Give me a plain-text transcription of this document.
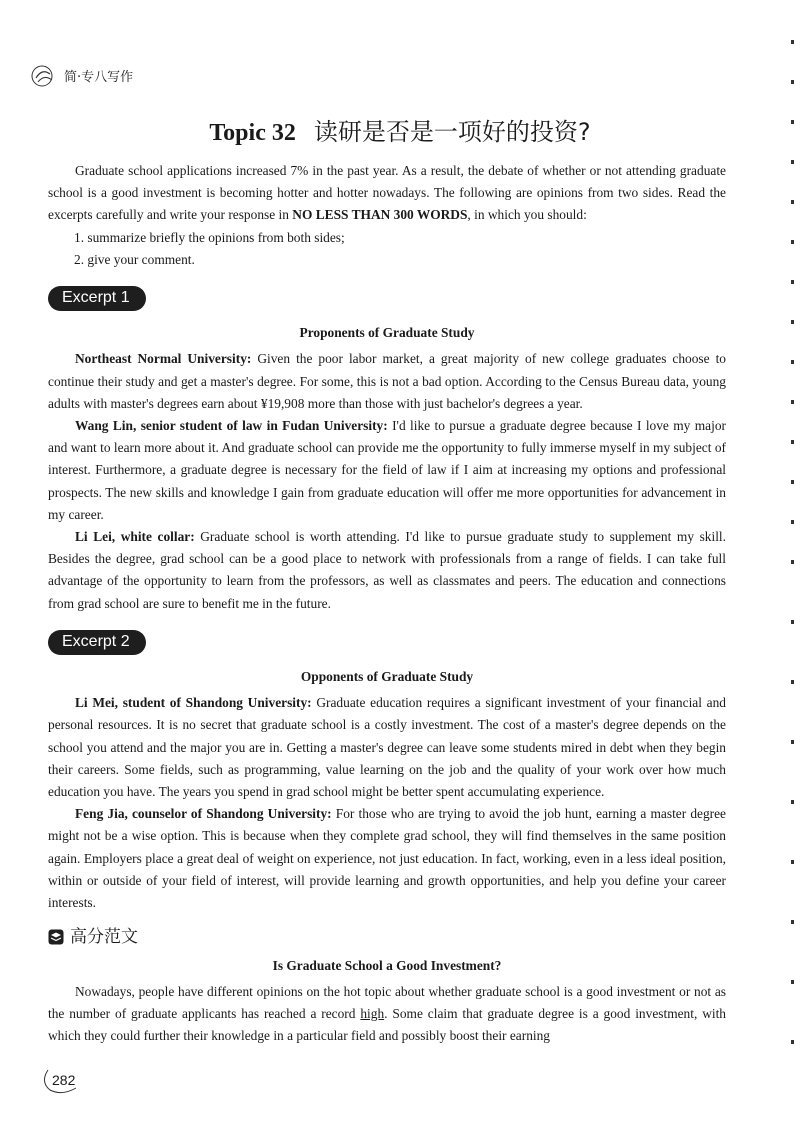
简·专八写作
Topic 32 读研是否是一项好的投资?

Graduate school applications increased 7% in the past year. As a result, the debate of whether or not attending graduate school is a good investment is becoming hotter and hotter nowadays. The following are opinions from two sides. Read the excerpts carefully and write your response in NO LESS THAN 300 WORDS, in which you should:

1. summarize briefly the opinions from both sides;
2. give your comment.
Excerpt 1
Proponents of Graduate Study

Northeast Normal University: Given the poor labor market, a great majority of new college graduates choose to continue their study and get a master's degree. For some, this is not a bad option. According to the Census Bureau data, young adults with master's degrees earn about ¥19,908 more than those with just bachelor's degrees a year.

Wang Lin, senior student of law in Fudan University: I'd like to pursue a graduate degree because I love my major and want to learn more about it. And graduate school can provide me the opportunity to fully immerse myself in my subject of interest. Furthermore, a graduate degree is necessary for the field of law if I aim at increasing my options and professional prospects. The new skills and knowledge I gain from graduate education will offer me more opportunities for advancement in my career.

Li Lei, white collar: Graduate school is worth attending. I'd like to pursue graduate study to supplement my skill. Besides the degree, grad school can be a good place to network with professionals from a range of fields. I can take full advantage of the opportunity to learn from the professors, as well as classmates and peers. The education and connections from grad school are sure to benefit me in the future.

Excerpt 2
Opponents of Graduate Study

Li Mei, student of Shandong University: Graduate education requires a significant investment of your financial and personal resources. It is no secret that graduate school is a costly investment. The cost of a master's degree depends on the school you attend and the major you are in. Getting a master's degree can leave some students mired in debt when they begin their careers. Some fields, such as programming, value learning on the job and the quality of your work over how much education you have. The years you spend in grad school might be better spent accumulating experience.

Feng Jia, counselor of Shandong University: For those who are trying to avoid the job hunt, earning a master degree might not be a wise option. This is because when they complete grad school, they will find themselves in the same position again. Employers place a great deal of weight on experience, not just education. In fact, working, even in a less ideal position, within or outside of your field of interest, will provide learning and growth opportunities, and help you define your career interests.

高分范文
Is Graduate School a Good Investment?

Nowadays, people have different opinions on the hot topic about whether graduate school is a good investment or not as the number of graduate applicants has reached a record high. Some claim that graduate degree is a good investment, with which they could further their knowledge in a particular field and possibly boost their earning

282
